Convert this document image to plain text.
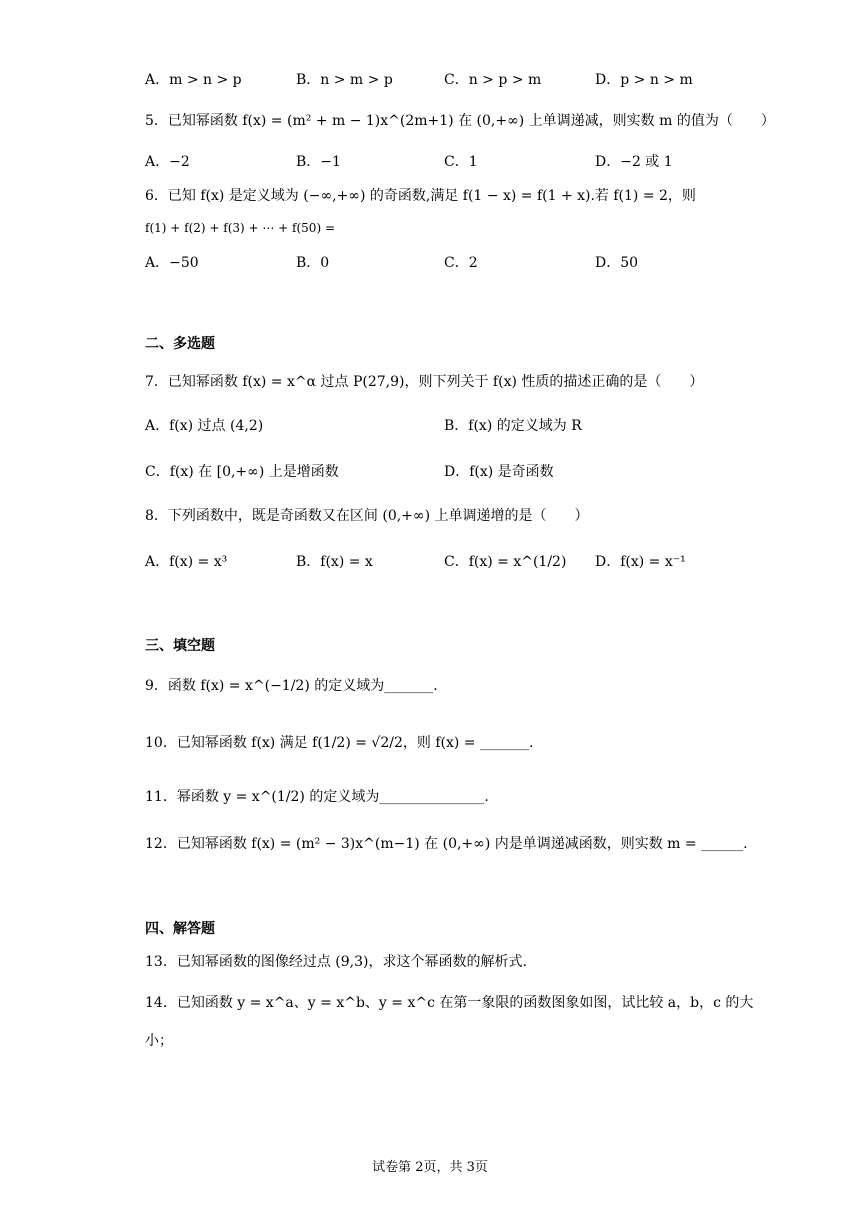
A．m > n > p	B．n > m > p	C．n > p > m	D．p > n > m
5．已知幂函数 f(x) = (m² + m − 1)x^(2m+1) 在 (0,+∞) 上单调递减，则实数 m 的值为（　　）
A．−2	B．−1	C．1	D．−2 或 1
6．已知 f(x) 是定义域为 (−∞,+∞) 的奇函数,满足 f(1 − x) = f(1 + x).若 f(1) = 2，则
f(1) + f(2) + f(3) + ⋯ + f(50) =
A．−50	B．0	C．2	D．50
二、多选题
7．已知幂函数 f(x) = x^α 过点 P(27,9)，则下列关于 f(x) 性质的描述正确的是（　　）
A．f(x) 过点 (4,2)	B．f(x) 的定义域为 R
C．f(x) 在 [0,+∞) 上是增函数	D．f(x) 是奇函数
8．下列函数中，既是奇函数又在区间 (0,+∞) 上单调递增的是（　　）
A．f(x) = x³	B．f(x) = x	C．f(x) = x^(1/2) D．f(x) = x⁻¹
三、填空题
9．函数 f(x) = x^(−1/2) 的定义域为_______.
10．已知幂函数 f(x) 满足 f(1/2) = √2/2，则 f(x) = _______.
11．幂函数 y = x^(1/2) 的定义域为_______________.
12．已知幂函数 f(x) = (m² − 3)x^(m−1) 在 (0,+∞) 内是单调递减函数，则实数 m = ______.
四、解答题
13．已知幂函数的图像经过点 (9,3)，求这个幂函数的解析式.
14．已知函数 y = x^a、y = x^b、y = x^c 在第一象限的函数图象如图，试比较 a，b，c 的大
小；
试卷第 2页，共 3页
